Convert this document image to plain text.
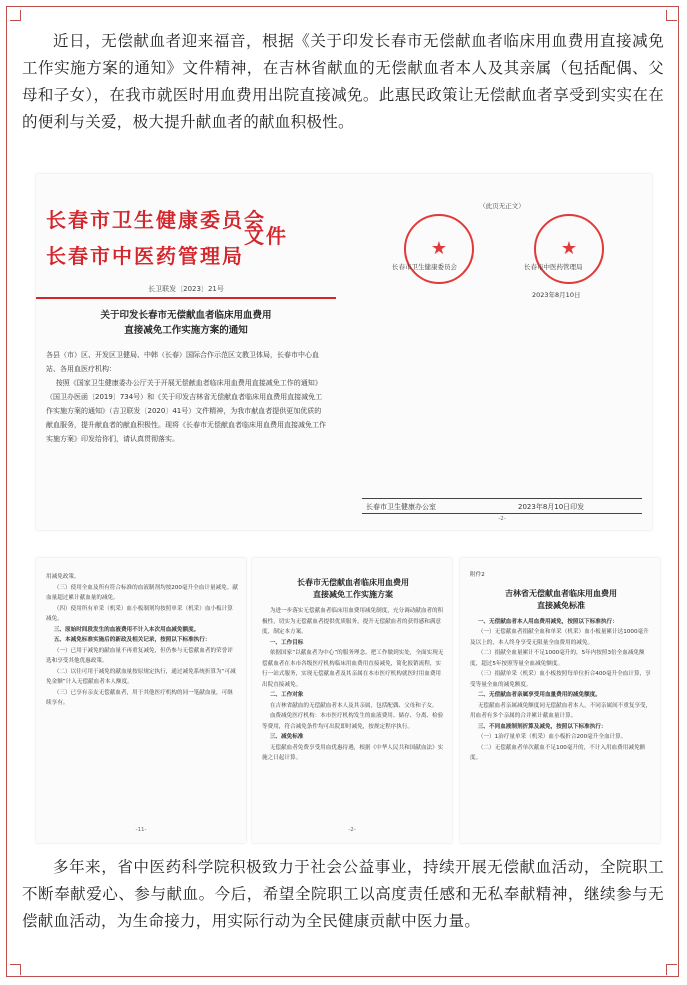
近日，无偿献血者迎来福音，根据《关于印发长春市无偿献血者临床用血费用直接减免工作实施方案的通知》文件精神，在吉林省献血的无偿献血者本人及其亲属（包括配偶、父母和子女），在我市就医时用血费用出院直接减免。此惠民政策让无偿献血者享受到实实在在的便利与关爱，极大提升献血者的献血积极性。

长春市卫生健康委员会
长春市中医药管理局
文件
长卫联发〔2023〕21号
关于印发长春市无偿献血者临床用血费用
直接减免工作实施方案的通知

各县（市）区、开发区卫健局、中韩（长春）国际合作示范区文教卫体局，长春市中心血站、各用血医疗机构：

按照《国家卫生健康委办公厅关于开展无偿献血者临床用血费用直接减免工作的通知》（国卫办医函〔2019〕734号）和《关于印发吉林省无偿献血者临床用血费用直接减免工作实施方案的通知》（吉卫联发〔2020〕41号）文件精神，为我市献血者提供更加优质的献血服务，提升献血者的献血积极性。现将《长春市无偿献血者临床用血费用直接减免工作实施方案》印发给你们，请认真贯彻落实。

（此页无正文）
★	★
长春市卫生健康委员会	长春市中医药管理局
2023年8月10日
长春市卫生健康办公室	2023年8月10日印发
-2-

用减免政策。

（三）使用全血及所有符合标准的血液制剂均按200毫升全血计量减免。献血量超过累计献血量的减免。

（四）使用所有单采（机采）血小板制剂均按照单采（机采）血小板计算减免。

三、原始时间段发生的血液费用不计入本次用血减免额度。

五、本减免标准实施后的新政及相关记录，按照以下标准执行：

（一）已用于减免的献血量不再重复减免，但仍参与无偿献血者的荣誉评选和享受其他优惠政策。

（二）以往可用于减免的献血量按原规定执行，通过减免系统折算为“可减免金额”计入无偿献血者本人额度。

（三）已享有亲友无偿献血者，用于其他医疗机构的同一笔献血量，可继续享有。

-11-

长春市无偿献血者临床用血费用

直接减免工作实施方案

为进一步落实无偿献血者临床用血费用减免制度，充分调动献血者的积极性，切实为无偿献血者提供优质服务，提升无偿献血者的获得感和满意度，制定本方案。

一、工作目标

依据国家“以献血者为中心”的服务理念，把工作做到实处，全面实现无偿献血者在本市各级医疗机构临床用血费用直接减免，简化报销流程，实行一站式服务，实现无偿献血者及其亲属在本市医疗机构就医时用血费用出院直接减免。

二、工作对象

在吉林省献血的无偿献血者本人及其亲属，包括配偶、父母和子女。

血费减免医疗机构：本市医疗机构发生的血液费用、储存、分离、检验等费用，符合减免条件均可出院即时减免，按规定程序执行。

三、减免标准

无偿献血者免费享受用血优惠待遇，根据《中华人民共和国献血法》实施之日起计算。

-2-

附件2

吉林省无偿献血者临床用血费用

直接减免标准

一、无偿献血者本人用血费用减免，按照以下标准执行：

（一）无偿献血者捐献全血和单采（机采）血小板量累计达1000毫升及以上的，本人终身享受无限量全血费用的减免。

（二）捐献全血量累计不足1000毫升的，5年内按照3倍全血减免额度，超过5年按照等量全血减免额度。

（三）捐献单采（机采）血小板按照每单位折合400毫升全血计算，享受等量全血的减免额度。

二、无偿献血者亲属享受用血量费用的减免额度。

无偿献血者亲属减免额度同无偿献血者本人，不同亲属间不重复享受，用血者有多个亲属的合并累计献血量计算。

三、不同血液制剂折算及减免，按照以下标准执行：

（一）1治疗量单采（机采）血小板折合200毫升全血计算。

（二）无偿献血者单次献血不足100毫升的，不计入用血费用减免额度。

多年来，省中医药科学院积极致力于社会公益事业，持续开展无偿献血活动，全院职工不断奉献爱心、参与献血。今后，希望全院职工以高度责任感和无私奉献精神，继续参与无偿献血活动，为生命接力，用实际行动为全民健康贡献中医力量。
